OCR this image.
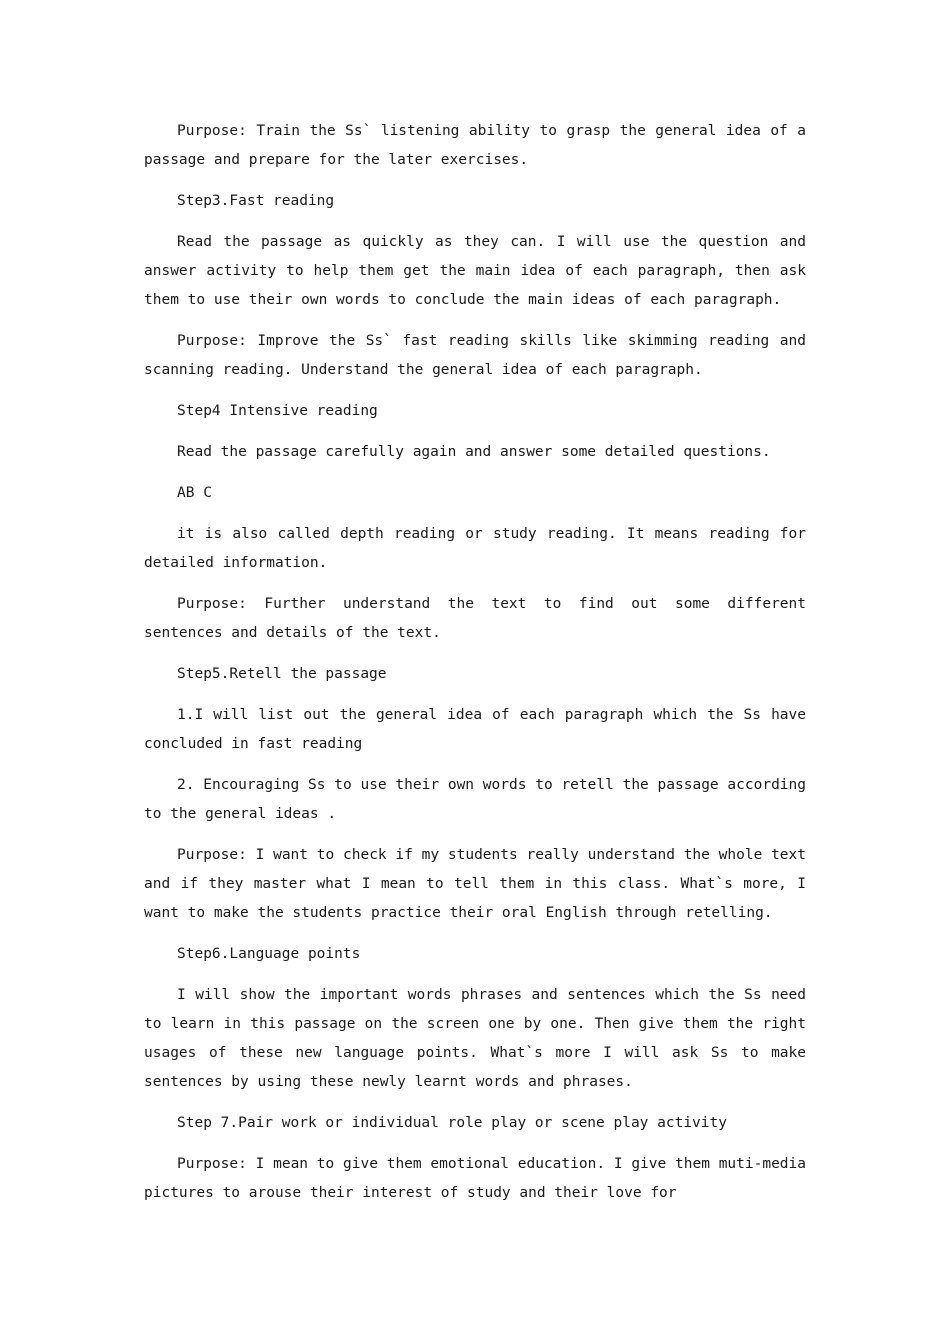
Purpose: Train the Ss` listening ability to grasp the general idea of a passage and prepare for the later exercises.

Step3.Fast reading

Read the passage as quickly as they can. I will use the question and answer activity to help them get the main idea of each paragraph, then ask them to use their own words to conclude the main ideas of each paragraph.

Purpose: Improve the Ss` fast reading skills like skimming reading and scanning reading. Understand the general idea of each paragraph.

Step4 Intensive reading

Read the passage carefully again and answer some detailed questions.

AB C

it is also called depth reading or study reading. It means reading for detailed information.

Purpose: Further understand the text to find out some different sentences and details of the text.

Step5.Retell the passage

1.I will list out the general idea of each paragraph which the Ss have concluded in fast reading

2. Encouraging Ss to use their own words to retell the passage according to the general ideas .

Purpose: I want to check if my students really understand the whole text and if they master what I mean to tell them in this class. What`s more, I want to make the students practice their oral English through retelling.

Step6.Language points

I will show the important words phrases and sentences which the Ss need to learn in this passage on the screen one by one. Then give them the right usages of these new language points. What`s more I will ask Ss to make sentences by using these newly learnt words and phrases.

Step 7.Pair work or individual role play or scene play activity

Purpose: I mean to give them emotional education. I give them muti-media pictures to arouse their interest of study and their love for
